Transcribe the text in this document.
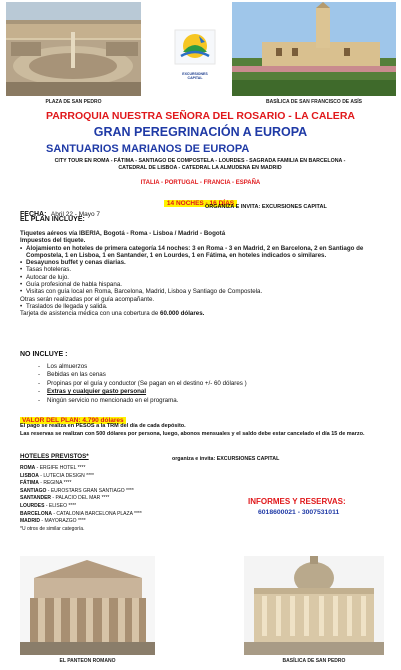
PLAZA DE SAN PEDRO
EXCURSIONES
CAPITAL
BASÍLICA DE SAN FRANCISCO DE ASÍS
PARROQUIA NUESTRA SEÑORA DEL ROSARIO - LA CALERA
GRAN PEREGRINACIÓN A EUROPA
SANTUARIOS MARIANOS DE EUROPA
CITY TOUR EN ROMA - FÁTIMA - SANTIAGO DE COMPOSTELA - LOURDES - SAGRADA FAMILIA EN BARCELONA - CATEDRAL DE LISBOA - CATEDRAL LA ALMUDENA EN MADRID
ITALIA - PORTUGAL - FRANCIA - ESPAÑA
14 NOCHES - 16 DÍAS
FECHA: Abril 22 - Mayo 7
ORGANIZA E INVITA: EXCURSIONES CAPITAL
EL PLAN INCLUYE:
Tiquetes aéreos vía IBERIA, Bogotá - Roma - Lisboa / Madrid - Bogotá
Impuestos del tiquete.
• Alojamiento en hoteles de primera categoría 14 noches: 3 en Roma - 3 en Madrid, 2 en Barcelona, 2 en Santiago de Compostela, 1 en Lisboa, 1 en Santander, 1 en Lourdes, 1 en Fátima, en hoteles indicados o similares.
• Desayunos buffet y cenas diarias.
• Tasas hoteleras.
• Autocar de lujo.
• Guía profesional de habla hispana.
• Visitas con guía local en Roma, Barcelona, Madrid, Lisboa y Santiago de Compostela.
Otras serán realizadas por el guía acompañante.
• Traslados de llegada y salida.
Tarjeta de asistencia médica con una cobertura de 60.000 dólares.
NO INCLUYE :
- Los almuerzos
- Bebidas en las cenas
- Propinas por el guía y conductor (Se pagan en el destino +/- 60 dólares )
- Extras y cualquier gasto personal
- Ningún servicio no mencionado en el programa.
VALOR DEL PLAN: 4.790 dólares
El pago se realiza en PESOS a la TRM del día de cada depósito.
Las reservas se realizan con 500 dólares por persona, luego, abonos mensuales y el saldo debe estar cancelado el día 15 de marzo.
HOTELES PREVISTOS*	organiza e invita: EXCURSIONES CAPITAL
ROMA - ERGIFE HOTEL ****
LISBOA - LUTECIA DESIGN ****
FÁTIMA - REGINA ****
SANTIAGO - EUROSTARS GRAN SANTIAGO ****
SANTANDER - PALACIO DEL MAR ****
LOURDES - ELISEO ****
BARCELONA - CATALONIA BARCELONA PLAZA ****
MADRID - MAYORAZGO ****
*U otros de similar categoría.
INFORMES Y RESERVAS:
6018600021 - 3007531011
EL PANTEON ROMANO	BASÍLICA DE SAN PEDRO
